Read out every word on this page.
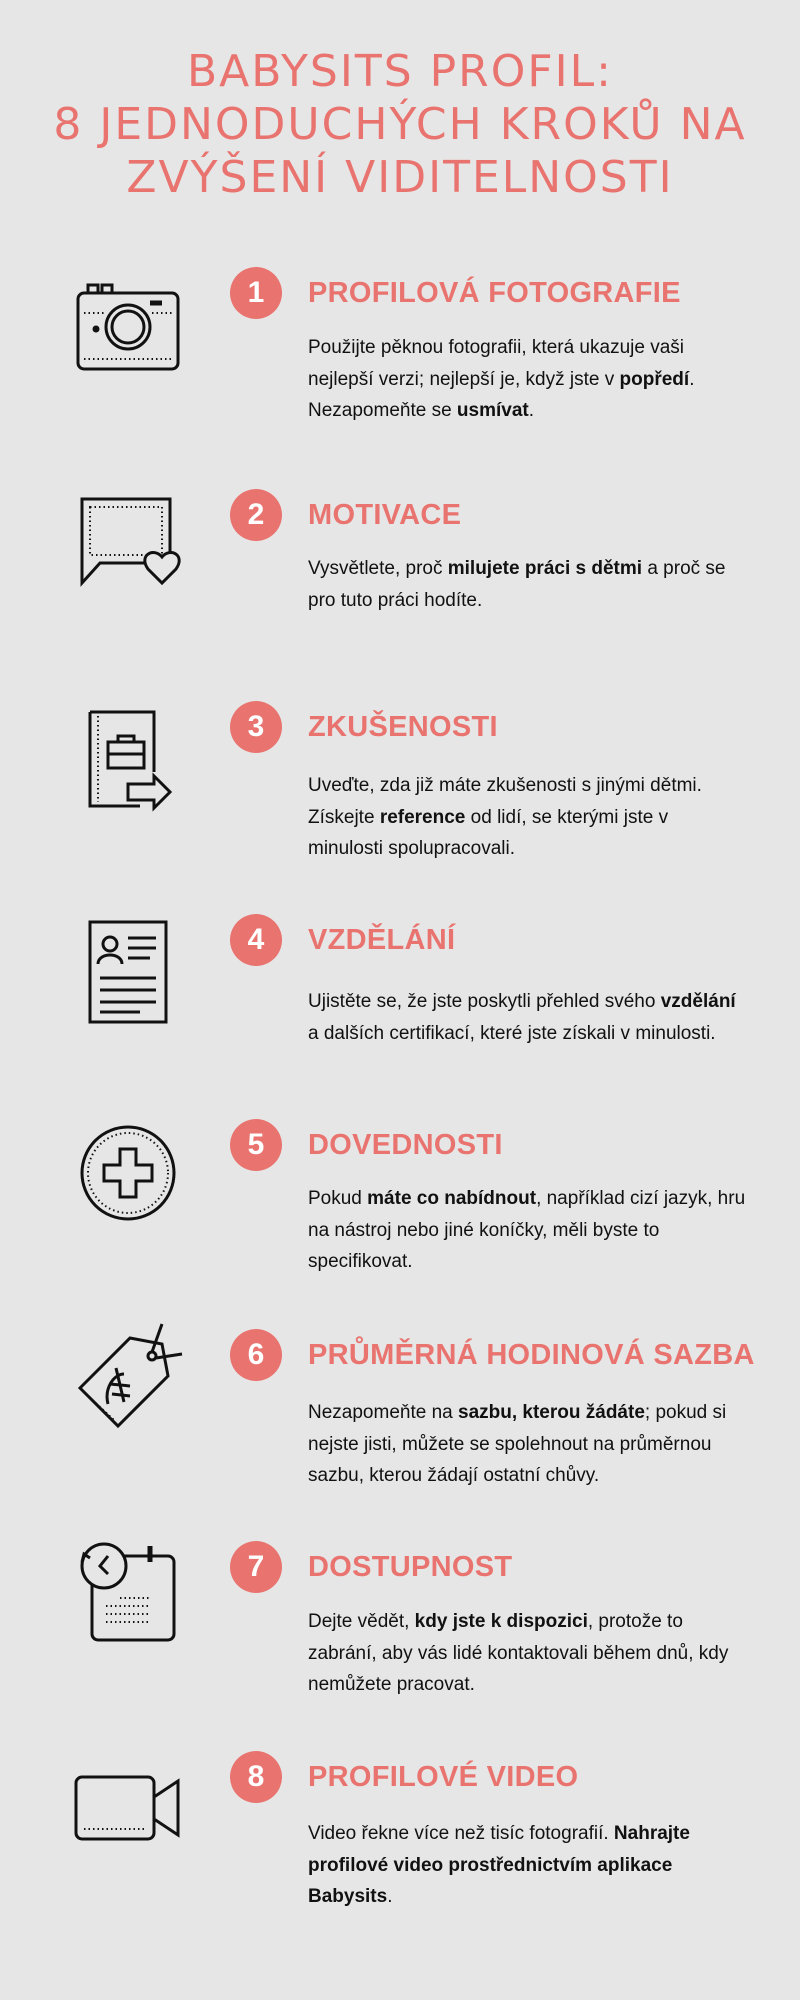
BABYSITS PROFIL:
8 JEDNODUCHÝCH KROKŮ NA
ZVÝŠENÍ VIDITELNOSTI
1	PROFILOVÁ FOTOGRAFIE
Použijte pěknou fotografii, která ukazuje vaši nejlepší verzi; nejlepší je, když jste v popředí. Nezapomeňte se usmívat.
2	MOTIVACE
Vysvětlete, proč milujete práci s dětmi a proč se pro tuto práci hodíte.
3	ZKUŠENOSTI
Uveďte, zda již máte zkušenosti s jinými dětmi. Získejte reference od lidí, se kterými jste v minulosti spolupracovali.
4	VZDĚLÁNÍ
Ujistěte se, že jste poskytli přehled svého vzdělání a dalších certifikací, které jste získali v minulosti.
5	DOVEDNOSTI
Pokud máte co nabídnout, například cizí jazyk, hru na nástroj nebo jiné koníčky, měli byste to specifikovat.
6	PRŮMĚRNÁ HODINOVÁ SAZBA
Nezapomeňte na sazbu, kterou žádáte; pokud si nejste jisti, můžete se spolehnout na průměrnou sazbu, kterou žádají ostatní chůvy.
7	DOSTUPNOST
Dejte vědět, kdy jste k dispozici, protože to zabrání, aby vás lidé kontaktovali během dnů, kdy nemůžete pracovat.
8	PROFILOVÉ VIDEO
Video řekne více než tisíc fotografií. Nahrajte profilové video prostřednictvím aplikace Babysits.
